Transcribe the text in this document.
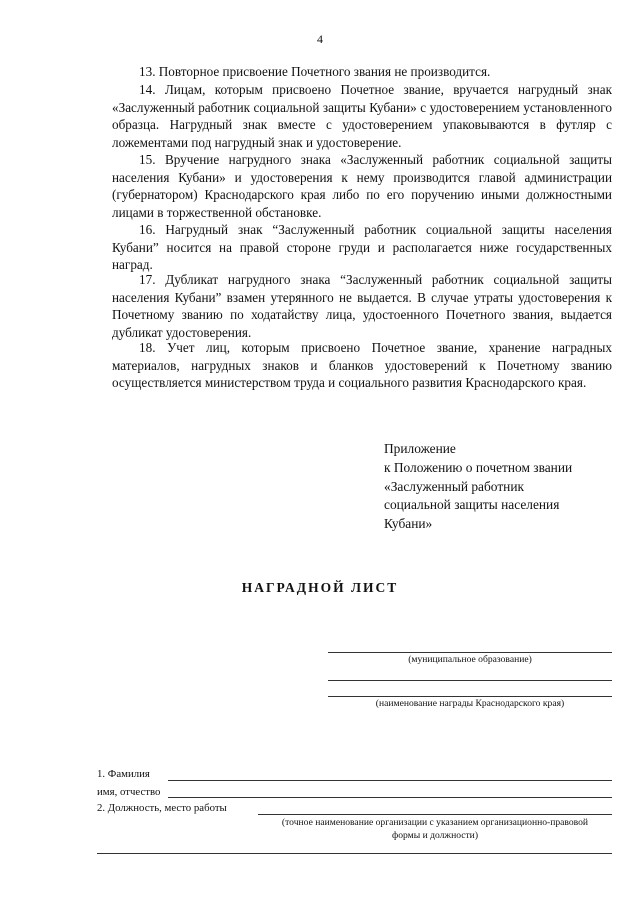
4

13. Повторное присвоение Почетного звания не производится.

14. Лицам, которым присвоено Почетное звание, вручается нагрудный знак «Заслуженный работник социальной защиты Кубани» с удостоверением установленного образца. Нагрудный знак вместе с удостоверением упаковываются в футляр с ложементами под нагрудный знак и удостоверение.

15. Вручение нагрудного знака «Заслуженный работник социальной защиты населения Кубани» и удостоверения к нему производится главой администрации (губернатором) Краснодарского края либо по его поручению иными должностными лицами в торжественной обстановке.

16. Нагрудный знак “Заслуженный работник социальной защиты населения Кубани” носится на правой стороне груди и располагается ниже государственных наград.

17. Дубликат нагрудного знака “Заслуженный работник социальной защиты населения Кубани” взамен утерянного не выдается. В случае утраты удостоверения к Почетному званию по ходатайству лица, удостоенного Почетного звания, выдается дубликат удостоверения.

18. Учет лиц, которым присвоено Почетное звание, хранение наградных материалов, нагрудных знаков и бланков удостоверений к Почетному званию осуществляется министерством труда и социального развития Краснодарского края.

Приложение
к Положению о почетном звании
«Заслуженный работник
социальной защиты населения
Кубани»
НАГРАДНОЙ ЛИСТ
(муниципальное образование)
(наименование награды Краснодарского края)
1. Фамилия
имя, отчество
2. Должность, место работы
(точное наименование организации с указанием организационно-правовой
формы и должности)
